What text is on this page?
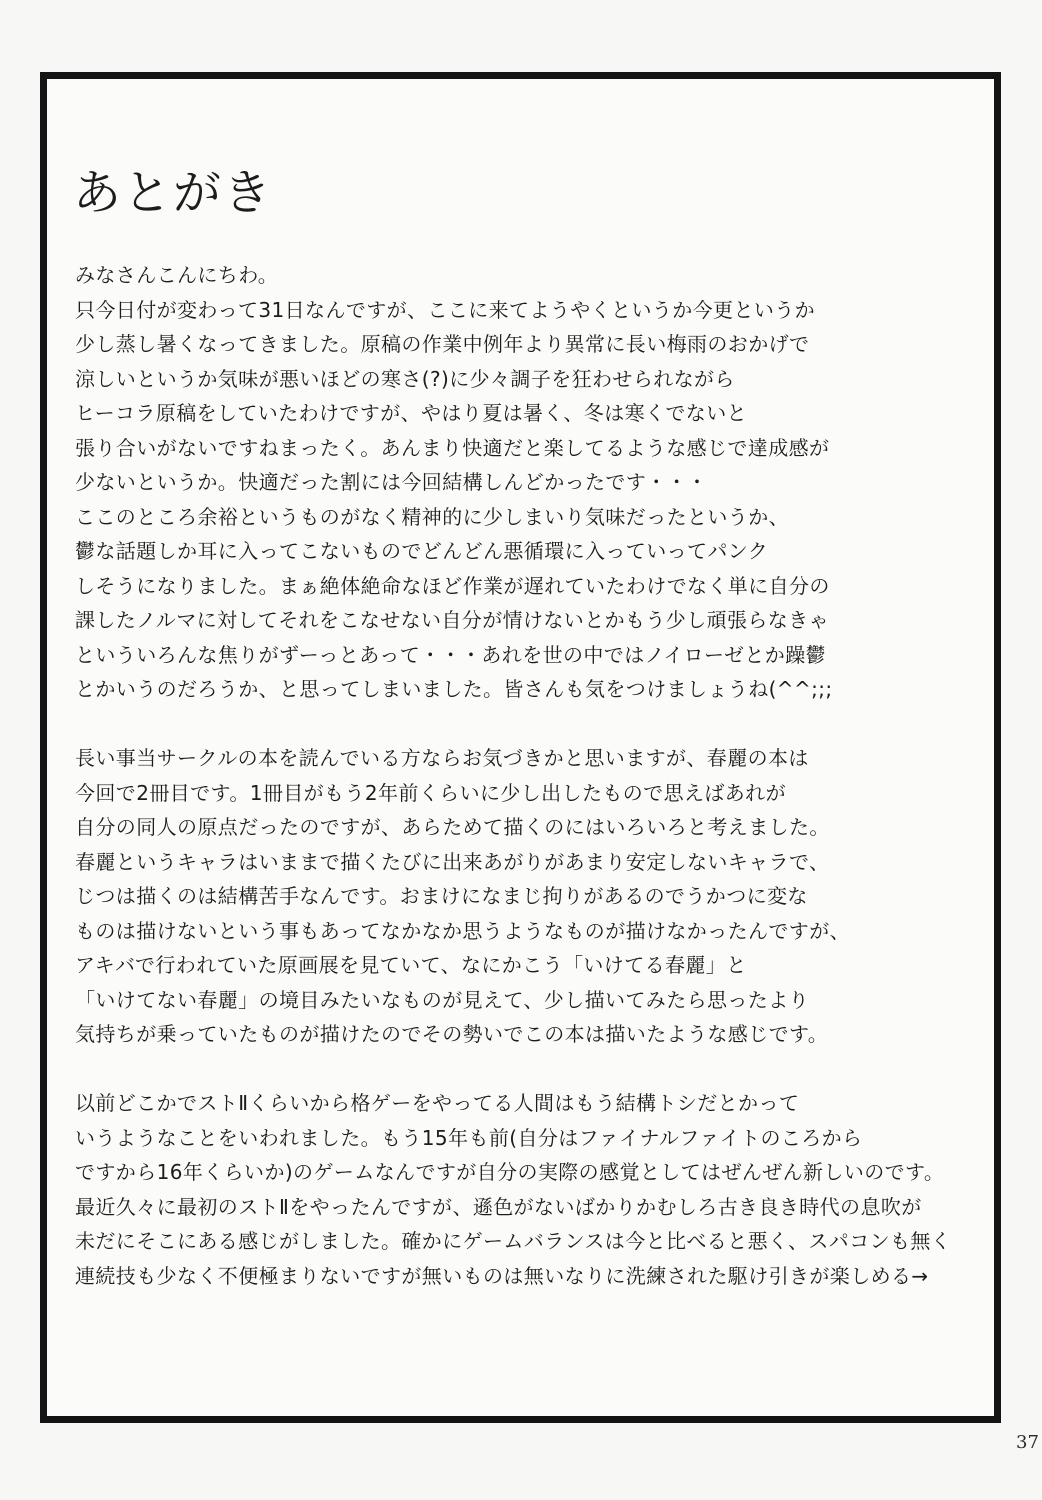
あとがき
みなさんこんにちわ。
只今日付が変わって31日なんですが、ここに来てようやくというか今更というか
少し蒸し暑くなってきました。原稿の作業中例年より異常に長い梅雨のおかげで
涼しいというか気味が悪いほどの寒さ(?)に少々調子を狂わせられながら
ヒーコラ原稿をしていたわけですが、やはり夏は暑く、冬は寒くでないと
張り合いがないですねまったく。あんまり快適だと楽してるような感じで達成感が
少ないというか。快適だった割には今回結構しんどかったです・・・
ここのところ余裕というものがなく精神的に少しまいり気味だったというか、
鬱な話題しか耳に入ってこないものでどんどん悪循環に入っていってパンク
しそうになりました。まぁ絶体絶命なほど作業が遅れていたわけでなく単に自分の
課したノルマに対してそれをこなせない自分が情けないとかもう少し頑張らなきゃ
といういろんな焦りがずーっとあって・・・あれを世の中ではノイローゼとか躁鬱
とかいうのだろうか、と思ってしまいました。皆さんも気をつけましょうね(^^;;;
長い事当サークルの本を読んでいる方ならお気づきかと思いますが、春麗の本は
今回で2冊目です。1冊目がもう2年前くらいに少し出したもので思えばあれが
自分の同人の原点だったのですが、あらためて描くのにはいろいろと考えました。
春麗というキャラはいままで描くたびに出来あがりがあまり安定しないキャラで、
じつは描くのは結構苦手なんです。おまけになまじ拘りがあるのでうかつに変な
ものは描けないという事もあってなかなか思うようなものが描けなかったんですが、
アキバで行われていた原画展を見ていて、なにかこう「いけてる春麗」と
「いけてない春麗」の境目みたいなものが見えて、少し描いてみたら思ったより
気持ちが乗っていたものが描けたのでその勢いでこの本は描いたような感じです。
以前どこかでストⅡくらいから格ゲーをやってる人間はもう結構トシだとかって
いうようなことをいわれました。もう15年も前(自分はファイナルファイトのころから
ですから16年くらいか)のゲームなんですが自分の実際の感覚としてはぜんぜん新しいのです。
最近久々に最初のストⅡをやったんですが、遜色がないばかりかむしろ古き良き時代の息吹が
未だにそこにある感じがしました。確かにゲームバランスは今と比べると悪く、スパコンも無く
連続技も少なく不便極まりないですが無いものは無いなりに洗練された駆け引きが楽しめる→
37
